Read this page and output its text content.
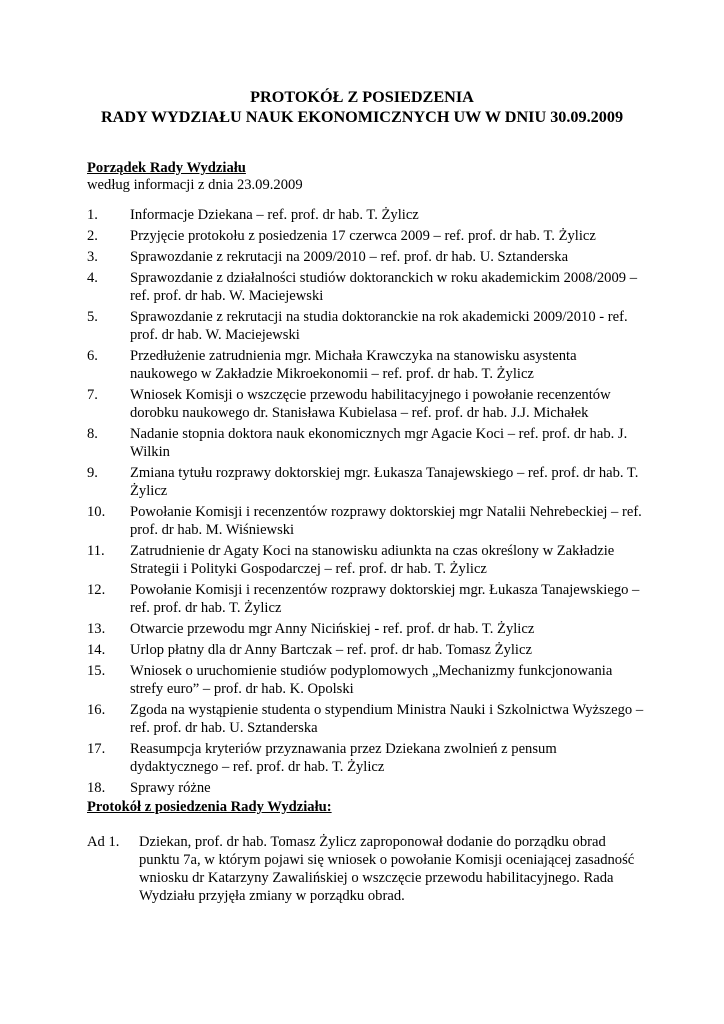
PROTOKÓŁ Z POSIEDZENIA
RADY WYDZIAŁU NAUK EKONOMICZNYCH UW W DNIU 30.09.2009

Porządek Rady Wydziału

według informacji z dnia 23.09.2009

1. Informacje Dziekana – ref. prof. dr hab. T. Żylicz
2. Przyjęcie protokołu z posiedzenia 17 czerwca 2009 – ref. prof. dr hab. T. Żylicz
3. Sprawozdanie z rekrutacji na 2009/2010 – ref. prof. dr hab. U. Sztanderska
4. Sprawozdanie z działalności studiów doktoranckich w roku akademickim 2008/2009 – ref. prof. dr hab. W. Maciejewski
5. Sprawozdanie z rekrutacji na studia doktoranckie na rok akademicki 2009/2010 - ref. prof. dr hab. W. Maciejewski
6. Przedłużenie zatrudnienia mgr. Michała Krawczyka na stanowisku asystenta naukowego w Zakładzie Mikroekonomii – ref. prof. dr hab. T. Żylicz
7. Wniosek Komisji o wszczęcie przewodu habilitacyjnego i powołanie recenzentów dorobku naukowego dr. Stanisława Kubielasa – ref. prof. dr hab. J.J. Michałek
8. Nadanie stopnia doktora nauk ekonomicznych mgr Agacie Koci – ref. prof. dr hab. J. Wilkin
9. Zmiana tytułu rozprawy doktorskiej mgr. Łukasza Tanajewskiego – ref. prof. dr hab. T. Żylicz
10. Powołanie Komisji i recenzentów rozprawy doktorskiej mgr Natalii Nehrebeckiej – ref. prof. dr hab. M. Wiśniewski
11. Zatrudnienie dr Agaty Koci na stanowisku adiunkta na czas określony w Zakładzie Strategii i Polityki Gospodarczej – ref. prof. dr hab. T. Żylicz
12. Powołanie Komisji i recenzentów rozprawy doktorskiej mgr. Łukasza Tanajewskiego – ref. prof. dr hab. T. Żylicz
13. Otwarcie przewodu mgr Anny Nicińskiej - ref. prof. dr hab. T. Żylicz
14. Urlop płatny dla dr Anny Bartczak – ref. prof. dr hab. Tomasz Żylicz
15. Wniosek o uruchomienie studiów podyplomowych „Mechanizmy funkcjonowania strefy euro” – prof. dr hab. K. Opolski
16. Zgoda na wystąpienie studenta o stypendium Ministra Nauki i Szkolnictwa Wyższego – ref. prof. dr hab. U. Sztanderska
17. Reasumpcja kryteriów przyznawania przez Dziekana zwolnień z pensum dydaktycznego – ref. prof. dr hab. T. Żylicz
18. Sprawy różne

Protokół z posiedzenia Rady Wydziału:

Ad 1. Dziekan, prof. dr hab. Tomasz Żylicz zaproponował dodanie do porządku obrad punktu 7a, w którym pojawi się wniosek o powołanie Komisji oceniającej zasadność wniosku dr Katarzyny Zawalińskiej o wszczęcie przewodu habilitacyjnego. Rada Wydziału przyjęła zmiany w porządku obrad.
